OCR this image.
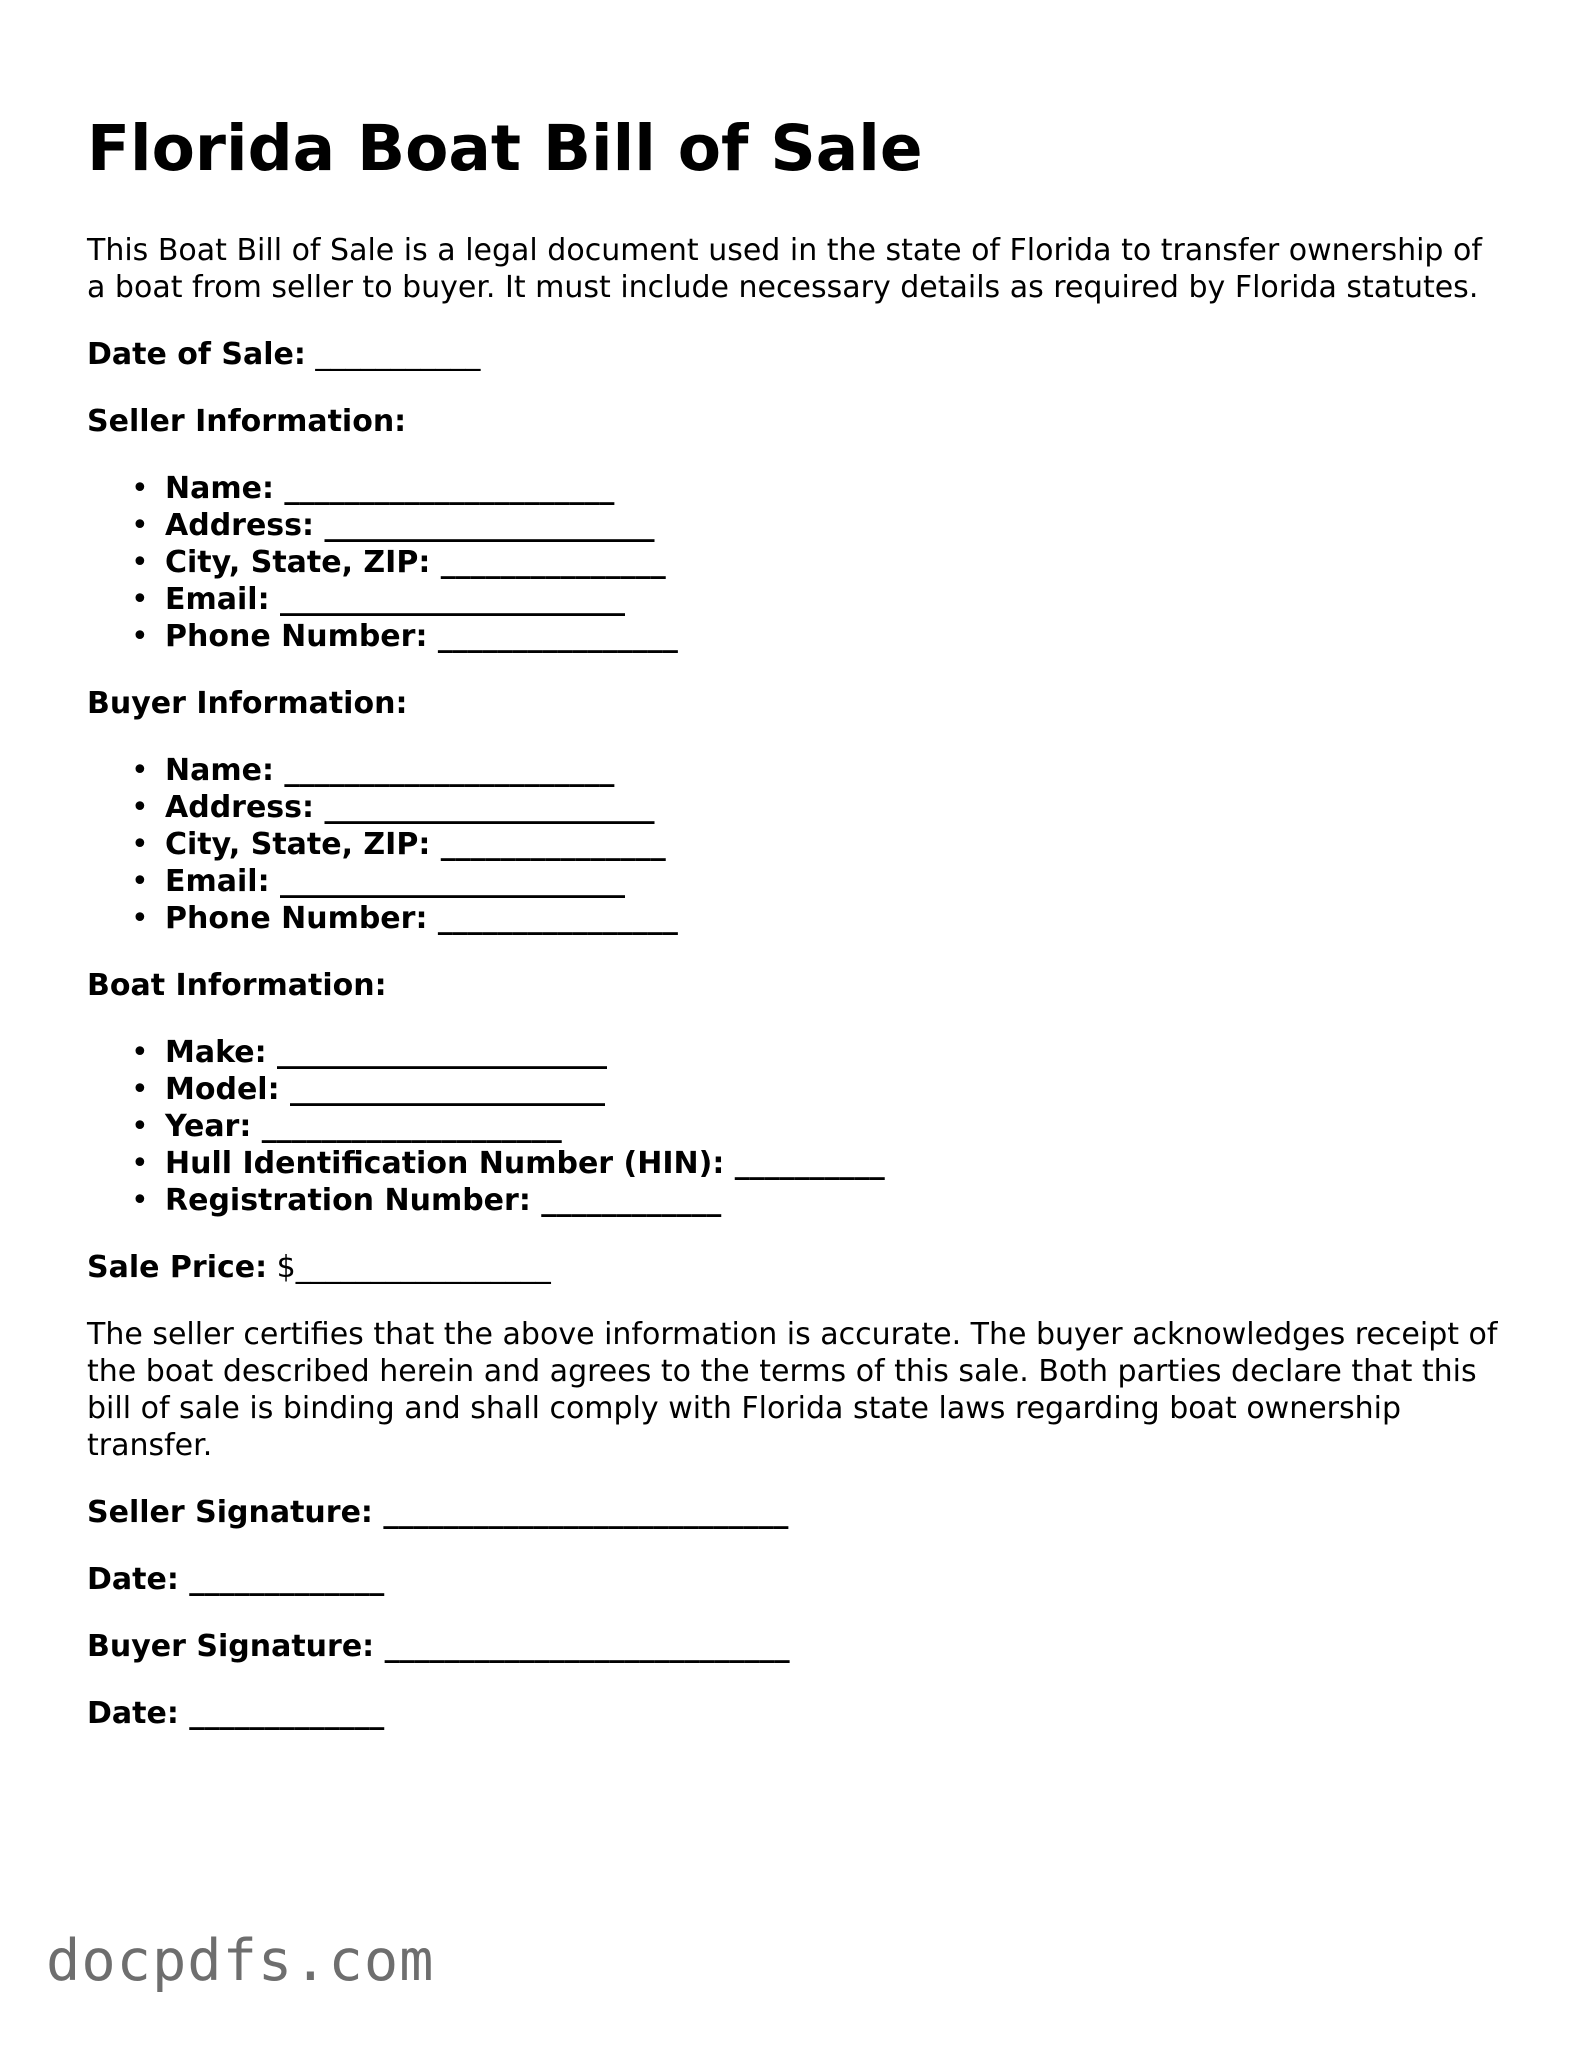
Florida Boat Bill of Sale

This Boat Bill of Sale is a legal document used in the state of Florida to transfer ownership of a boat from seller to buyer. It must include necessary details as required by Florida statutes.

Date of Sale: ___________

Seller Information:

• Name: ______________________
• Address: ______________________
• City, State, ZIP: _______________
• Email: _______________________
• Phone Number: ________________

Buyer Information:

• Name: ______________________
• Address: ______________________
• City, State, ZIP: _______________
• Email: _______________________
• Phone Number: ________________

Boat Information:

• Make: ______________________
• Model: _____________________
• Year: ____________________
• Hull Identification Number (HIN): __________
• Registration Number: ____________

Sale Price: $_________________

The seller certifies that the above information is accurate. The buyer acknowledges receipt of the boat described herein and agrees to the terms of this sale. Both parties declare that this bill of sale is binding and shall comply with Florida state laws regarding boat ownership transfer.

Seller Signature: ___________________________

Date: _____________

Buyer Signature: ___________________________

Date: _____________

docpdfs.com
